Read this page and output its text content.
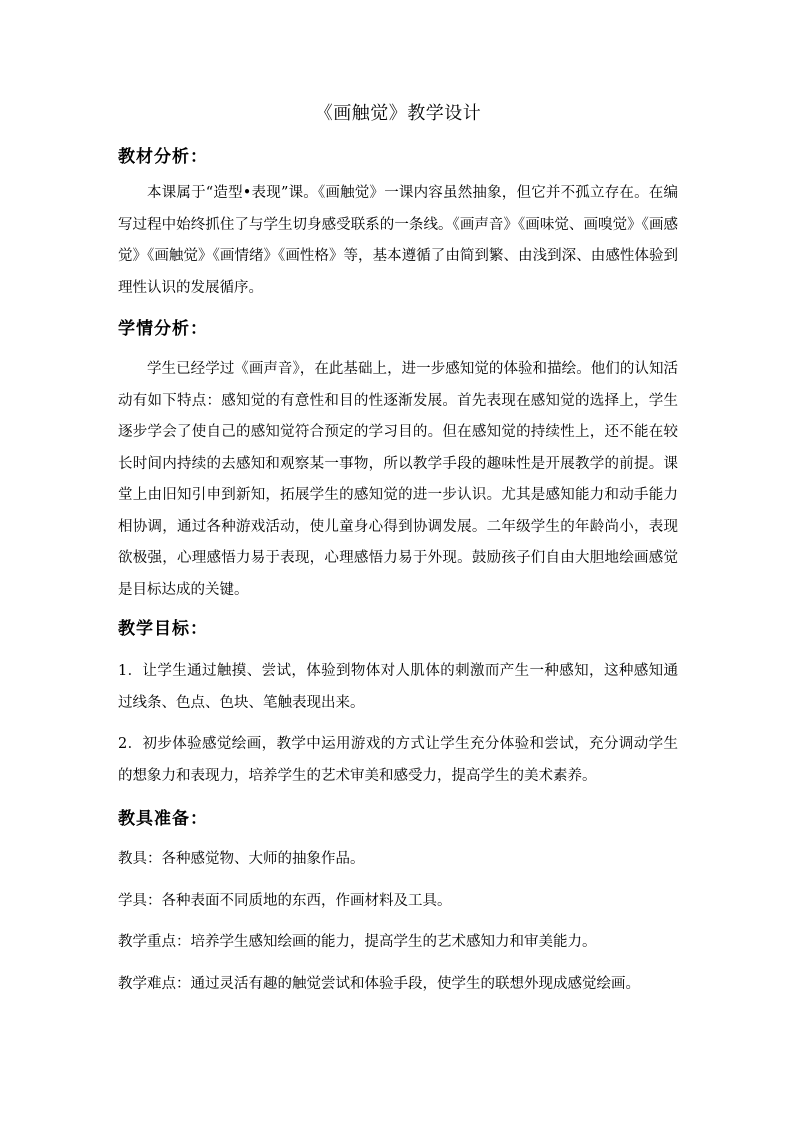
《画触觉》教学设计
教材分析：

本课属于“造型•表现”课。《画触觉》一课内容虽然抽象，但它并不孤立存在。在编写过程中始终抓住了与学生切身感受联系的一条线。《画声音》《画味觉、画嗅觉》《画感觉》《画触觉》《画情绪》《画性格》等，基本遵循了由简到繁、由浅到深、由感性体验到理性认识的发展循序。

学情分析：

学生已经学过《画声音》，在此基础上，进一步感知觉的体验和描绘。他们的认知活动有如下特点：感知觉的有意性和目的性逐渐发展。首先表现在感知觉的选择上，学生逐步学会了使自己的感知觉符合预定的学习目的。但在感知觉的持续性上，还不能在较长时间内持续的去感知和观察某一事物，所以教学手段的趣味性是开展教学的前提。课堂上由旧知引申到新知，拓展学生的感知觉的进一步认识。尤其是感知能力和动手能力相协调，通过各种游戏活动，使儿童身心得到协调发展。二年级学生的年龄尚小，表现欲极强，心理感悟力易于表现，心理感悟力易于外现。鼓励孩子们自由大胆地绘画感觉是目标达成的关键。

教学目标：

1．让学生通过触摸、尝试，体验到物体对人肌体的刺激而产生一种感知，这种感知通过线条、色点、色块、笔触表现出来。

2．初步体验感觉绘画，教学中运用游戏的方式让学生充分体验和尝试，充分调动学生的想象力和表现力，培养学生的艺术审美和感受力，提高学生的美术素养。

教具准备：

教具：各种感觉物、大师的抽象作品。

学具：各种表面不同质地的东西，作画材料及工具。

教学重点：培养学生感知绘画的能力，提高学生的艺术感知力和审美能力。

教学难点：通过灵活有趣的触觉尝试和体验手段，使学生的联想外现成感觉绘画。
